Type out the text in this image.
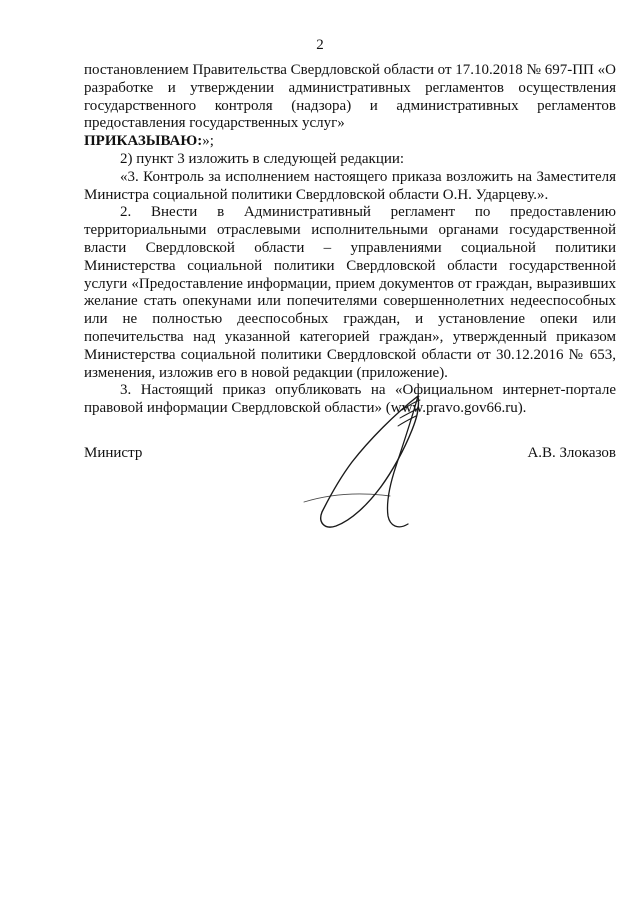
2

постановлением Правительства Свердловской области от 17.10.2018 № 697-ПП «О разработке и утверждении административных регламентов осуществления государственного контроля (надзора) и административных регламентов предоставления государственных услуг»

ПРИКАЗЫВАЮ:»;

2) пункт 3 изложить в следующей редакции:

«3. Контроль за исполнением настоящего приказа возложить на Заместителя Министра социальной политики Свердловской области О.Н. Ударцеву.».

2. Внести в Административный регламент по предоставлению территориальными отраслевыми исполнительными органами государственной власти Свердловской области – управлениями социальной политики Министерства социальной политики Свердловской области государственной услуги «Предоставление информации, прием документов от граждан, выразивших желание стать опекунами или попечителями совершеннолетних недееспособных или не полностью дееспособных граждан, и установление опеки или попечительства над указанной категорией граждан», утвержденный приказом Министерства социальной политики Свердловской области от 30.12.2016 № 653, изменения, изложив его в новой редакции (приложение).

3. Настоящий приказ опубликовать на «Официальном интернет-портале правовой информации Свердловской области» (www.pravo.gov66.ru).

Министр	А.В. Злоказов
